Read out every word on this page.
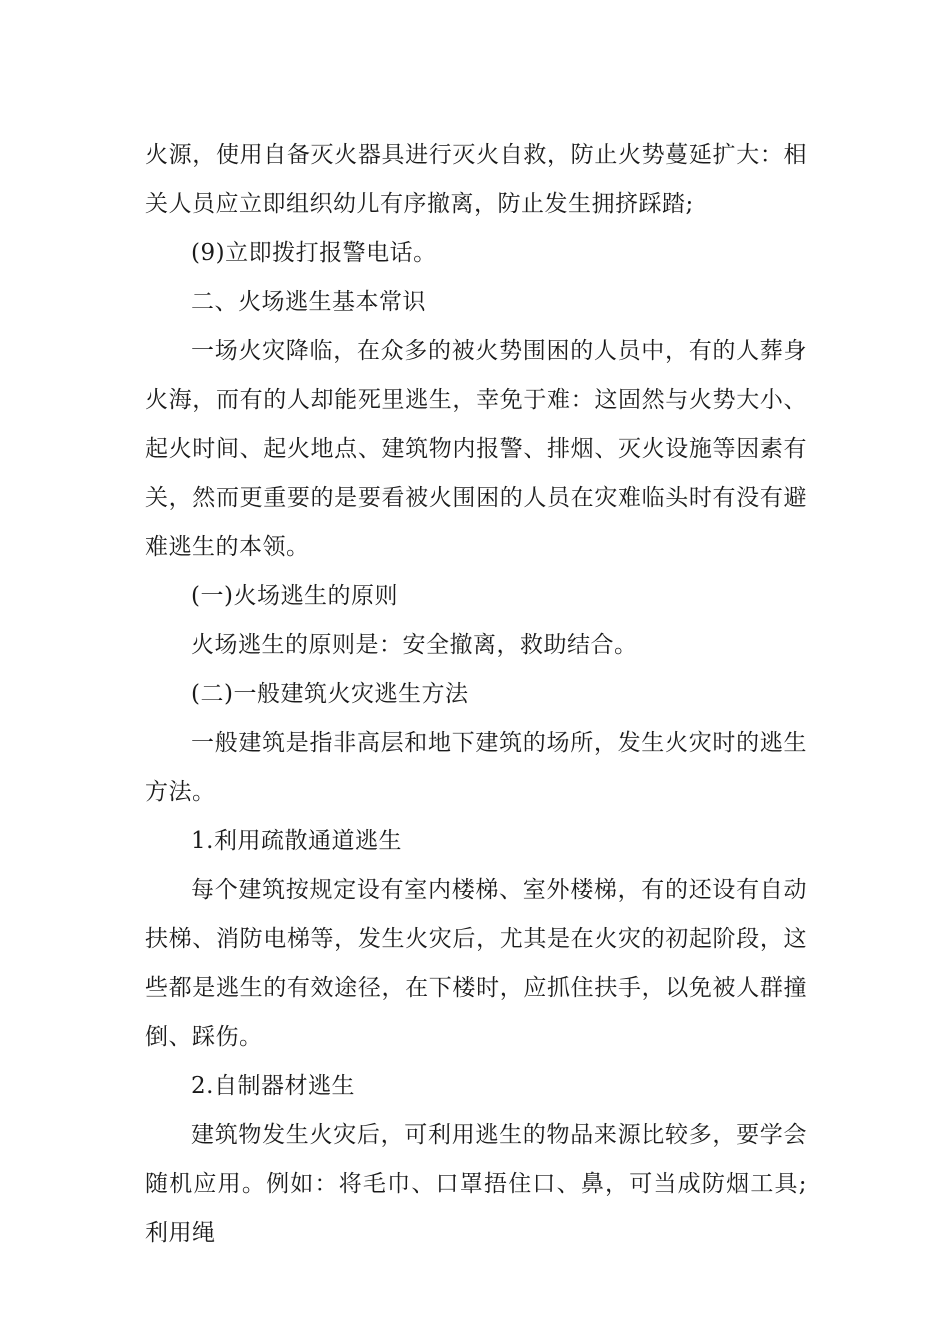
火源，使用自备灭火器具进行灭火自救，防止火势蔓延扩大：相关人员应立即组织幼儿有序撤离，防止发生拥挤踩踏;

(9)立即拨打报警电话。

二、火场逃生基本常识

一场火灾降临，在众多的被火势围困的人员中，有的人葬身火海，而有的人却能死里逃生，幸免于难：这固然与火势大小、起火时间、起火地点、建筑物内报警、排烟、灭火设施等因素有关，然而更重要的是要看被火围困的人员在灾难临头时有没有避难逃生的本领。

(一)火场逃生的原则

火场逃生的原则是：安全撤离，救助结合。

(二)一般建筑火灾逃生方法

一般建筑是指非高层和地下建筑的场所，发生火灾时的逃生方法。

1.利用疏散通道逃生

每个建筑按规定设有室内楼梯、室外楼梯，有的还设有自动扶梯、消防电梯等，发生火灾后，尤其是在火灾的初起阶段，这些都是逃生的有效途径，在下楼时，应抓住扶手，以免被人群撞倒、踩伤。

2.自制器材逃生

建筑物发生火灾后，可利用逃生的物品来源比较多，要学会随机应用。例如：将毛巾、口罩捂住口、鼻，可当成防烟工具;利用绳
